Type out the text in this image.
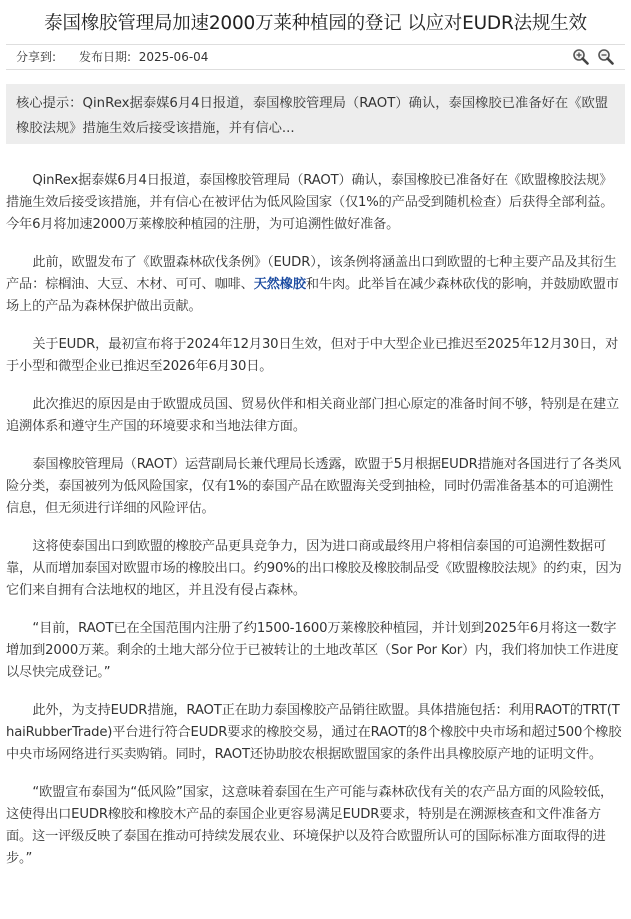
泰国橡胶管理局加速2000万莱种植园的登记 以应对EUDR法规生效
分享到: 发布日期: 2025-06-04
核心提示：QinRex据泰媒6月4日报道，泰国橡胶管理局（RAOT）确认，泰国橡胶已准备好在《欧盟橡胶法规》措施生效后接受该措施，并有信心...

QinRex据泰媒6月4日报道，泰国橡胶管理局（RAOT）确认，泰国橡胶已准备好在《欧盟橡胶法规》措施生效后接受该措施，并有信心在被评估为低风险国家（仅1%的产品受到随机检查）后获得全部利益。今年6月将加速2000万莱橡胶种植园的注册，为可追溯性做好准备。

此前，欧盟发布了《欧盟森林砍伐条例》（EUDR），该条例将涵盖出口到欧盟的七种主要产品及其衍生产品：棕榈油、大豆、木材、可可、咖啡、天然橡胶和牛肉。此举旨在减少森林砍伐的影响，并鼓励欧盟市场上的产品为森林保护做出贡献。

关于EUDR，最初宣布将于2024年12月30日生效，但对于中大型企业已推迟至2025年12月30日，对于小型和微型企业已推迟至2026年6月30日。

此次推迟的原因是由于欧盟成员国、贸易伙伴和相关商业部门担心原定的准备时间不够，特别是在建立追溯体系和遵守生产国的环境要求和当地法律方面。

泰国橡胶管理局（RAOT）运营副局长兼代理局长透露，欧盟于5月根据EUDR措施对各国进行了各类风险分类，泰国被列为低风险国家，仅有1%的泰国产品在欧盟海关受到抽检，同时仍需准备基本的可追溯性信息，但无须进行详细的风险评估。

这将使泰国出口到欧盟的橡胶产品更具竞争力，因为进口商或最终用户将相信泰国的可追溯性数据可靠，从而增加泰国对欧盟市场的橡胶出口。约90%的出口橡胶及橡胶制品受《欧盟橡胶法规》的约束，因为它们来自拥有合法地权的地区，并且没有侵占森林。

“目前，RAOT已在全国范围内注册了约1500-1600万莱橡胶种植园，并计划到2025年6月将这一数字增加到2000万莱。剩余的土地大部分位于已被转让的土地改革区（Sor Por Kor）内，我们将加快工作进度以尽快完成登记。”

此外，为支持EUDR措施，RAOT正在助力泰国橡胶产品销往欧盟。具体措施包括：利用RAOT的TRT(ThaiRubberTrade)平台进行符合EUDR要求的橡胶交易，通过在RAOT的8个橡胶中央市场和超过500个橡胶中央市场网络进行买卖购销。同时，RAOT还协助胶农根据欧盟国家的条件出具橡胶原产地的证明文件。

“欧盟宣布泰国为“低风险”国家，这意味着泰国在生产可能与森林砍伐有关的农产品方面的风险较低，这使得出口EUDR橡胶和橡胶木产品的泰国企业更容易满足EUDR要求，特别是在溯源核查和文件准备方面。这一评级反映了泰国在推动可持续发展农业、环境保护以及符合欧盟所认可的国际标准方面取得的进步。”
